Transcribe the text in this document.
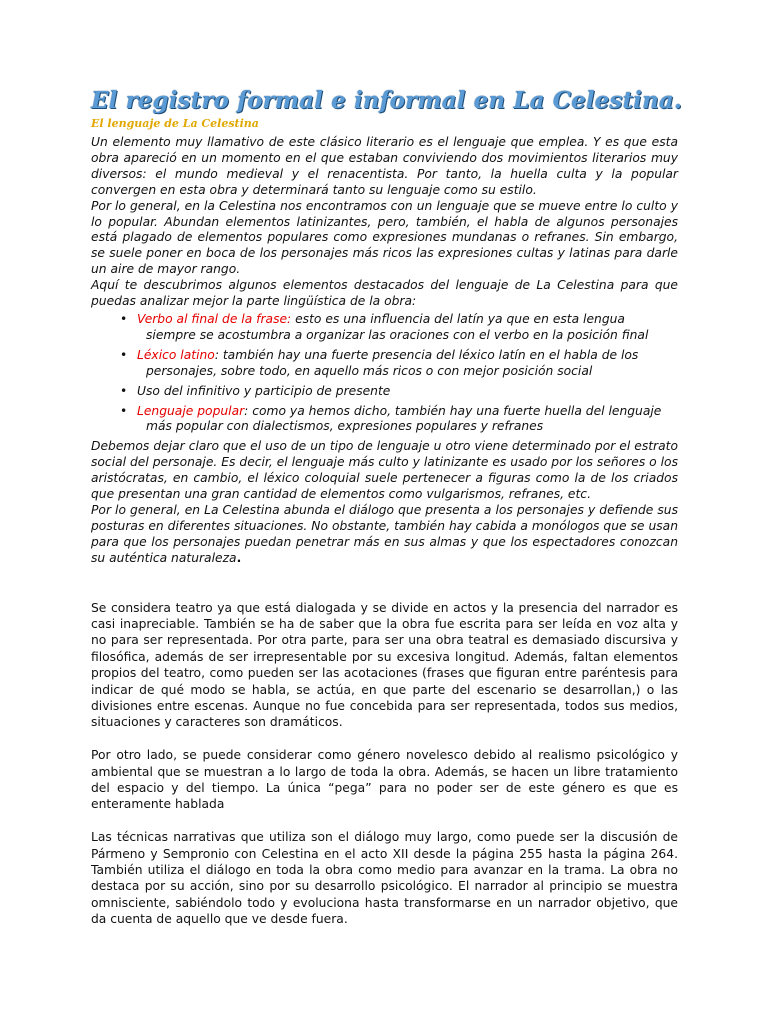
El registro formal e informal en La Celestina.
El lenguaje de La Celestina

Un elemento muy llamativo de este clásico literario es el lenguaje que emplea. Y es que esta obra apareció en un momento en el que estaban conviviendo dos movimientos literarios muy diversos: el mundo medieval y el renacentista. Por tanto, la huella culta y la popular convergen en esta obra y determinará tanto su lenguaje como su estilo.

Por lo general, en la Celestina nos encontramos con un lenguaje que se mueve entre lo culto y lo popular. Abundan elementos latinizantes, pero, también, el habla de algunos personajes está plagado de elementos populares como expresiones mundanas o refranes. Sin embargo, se suele poner en boca de los personajes más ricos las expresiones cultas y latinas para darle un aire de mayor rango.

Aquí te descubrimos algunos elementos destacados del lenguaje de La Celestina para que puedas analizar mejor la parte lingüística de la obra:

• Verbo al final de la frase: esto es una influencia del latín ya que en esta lengua
siempre se acostumbra a organizar las oraciones con el verbo en la posición final
• Léxico latino: también hay una fuerte presencia del léxico latín en el habla de los
personajes, sobre todo, en aquello más ricos o con mejor posición social
• Uso del infinitivo y participio de presente
• Lenguaje popular: como ya hemos dicho, también hay una fuerte huella del lenguaje
más popular con dialectismos, expresiones populares y refranes

Debemos dejar claro que el uso de un tipo de lenguaje u otro viene determinado por el estrato social del personaje. Es decir, el lenguaje más culto y latinizante es usado por los señores o los aristócratas, en cambio, el léxico coloquial suele pertenecer a figuras como la de los criados que presentan una gran cantidad de elementos como vulgarismos, refranes, etc.

Por lo general, en La Celestina abunda el diálogo que presenta a los personajes y defiende sus posturas en diferentes situaciones. No obstante, también hay cabida a monólogos que se usan para que los personajes puedan penetrar más en sus almas y que los espectadores conozcan su auténtica naturaleza.

Se considera teatro ya que está dialogada y se divide en actos y la presencia del narrador es casi inapreciable. También se ha de saber que la obra fue escrita para ser leída en voz alta y no para ser representada. Por otra parte, para ser una obra teatral es demasiado discursiva y filosófica, además de ser irrepresentable por su excesiva longitud. Además, faltan elementos propios del teatro, como pueden ser las acotaciones (frases que figuran entre paréntesis para indicar de qué modo se habla, se actúa, en que parte del escenario se desarrollan,) o las divisiones entre escenas. Aunque no fue concebida para ser representada, todos sus medios, situaciones y caracteres son dramáticos.

Por otro lado, se puede considerar como género novelesco debido al realismo psicológico y ambiental que se muestran a lo largo de toda la obra. Además, se hacen un libre tratamiento del espacio y del tiempo. La única “pega” para no poder ser de este género es que es enteramente hablada

Las técnicas narrativas que utiliza son el diálogo muy largo, como puede ser la discusión de Pármeno y Sempronio con Celestina en el acto XII desde la página 255 hasta la página 264. También utiliza el diálogo en toda la obra como medio para avanzar en la trama. La obra no destaca por su acción, sino por su desarrollo psicológico. El narrador al principio se muestra omnisciente, sabiéndolo todo y evoluciona hasta transformarse en un narrador objetivo, que da cuenta de aquello que ve desde fuera.
